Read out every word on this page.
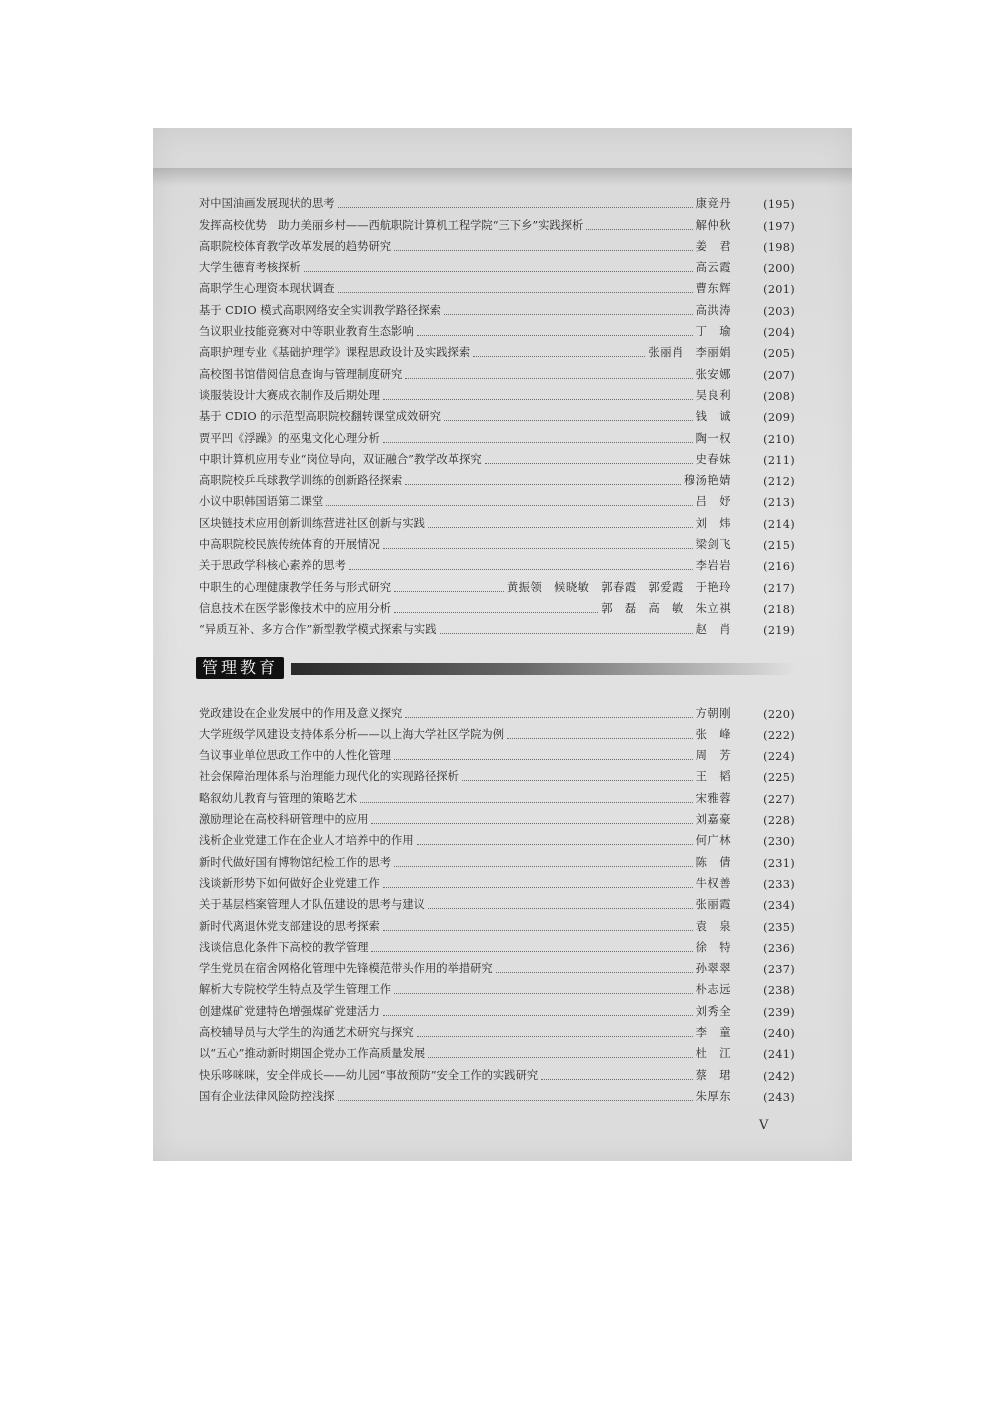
对中国油画发展现状的思考	康竞丹	(195)
发挥高校优势　助力美丽乡村——西航职院计算机工程学院“三下乡”实践探析	解仲秋	(197)
高职院校体育教学改革发展的趋势研究	姜　君	(198)
大学生德育考核探析	高云霞	(200)
高职学生心理资本现状调查	曹东辉	(201)
基于 CDIO 模式高职网络安全实训教学路径探索	高洪涛	(203)
刍议职业技能竞赛对中等职业教育生态影响	丁　瑜	(204)
高职护理专业《基础护理学》课程思政设计及实践探索	张丽肖　李丽娟	(205)
高校图书馆借阅信息查询与管理制度研究	张安娜	(207)
谈服装设计大赛成衣制作及后期处理	吴良利	(208)
基于 CDIO 的示范型高职院校翻转课堂成效研究	钱　诚	(209)
贾平凹《浮躁》的巫鬼文化心理分析	陶一权	(210)
中职计算机应用专业“岗位导向，双证融合”教学改革探究	史春妹	(211)
高职院校乒乓球教学训练的创新路径探索	穆汤艳婧	(212)
小议中职韩国语第二课堂	吕　妤	(213)
区块链技术应用创新训练营进社区创新与实践	刘　炜	(214)
中高职院校民族传统体育的开展情况	梁剑飞	(215)
关于思政学科核心素养的思考	李岩岩	(216)
中职生的心理健康教学任务与形式研究	黄振领　候晓敏　郭春霞　郭爱霞　于艳玲	(217)
信息技术在医学影像技术中的应用分析	郭　磊　高　敏　朱立祺	(218)
“异质互补、多方合作”新型教学模式探索与实践	赵　肖	(219)
管理教育
党政建设在企业发展中的作用及意义探究	方朝刚	(220)
大学班级学风建设支持体系分析——以上海大学社区学院为例	张　峰	(222)
刍议事业单位思政工作中的人性化管理	周　芳	(224)
社会保障治理体系与治理能力现代化的实现路径探析	王　韬	(225)
略叙幼儿教育与管理的策略艺术	宋雅蓉	(227)
激励理论在高校科研管理中的应用	刘嘉豪	(228)
浅析企业党建工作在企业人才培养中的作用	何广林	(230)
新时代做好国有博物馆纪检工作的思考	陈　倩	(231)
浅谈新形势下如何做好企业党建工作	牛权善	(233)
关于基层档案管理人才队伍建设的思考与建议	张丽霞	(234)
新时代离退休党支部建设的思考探索	袁　泉	(235)
浅谈信息化条件下高校的教学管理	徐　特	(236)
学生党员在宿舍网格化管理中先锋模范带头作用的举措研究	孙翠翠	(237)
解析大专院校学生特点及学生管理工作	朴志远	(238)
创建煤矿党建特色增强煤矿党建活力	刘秀全	(239)
高校辅导员与大学生的沟通艺术研究与探究	李　童	(240)
以“五心”推动新时期国企党办工作高质量发展	杜　江	(241)
快乐哆咪咪，安全伴成长——幼儿园“事故预防”安全工作的实践研究	蔡　珺	(242)
国有企业法律风险防控浅探	朱厚东	(243)
V
